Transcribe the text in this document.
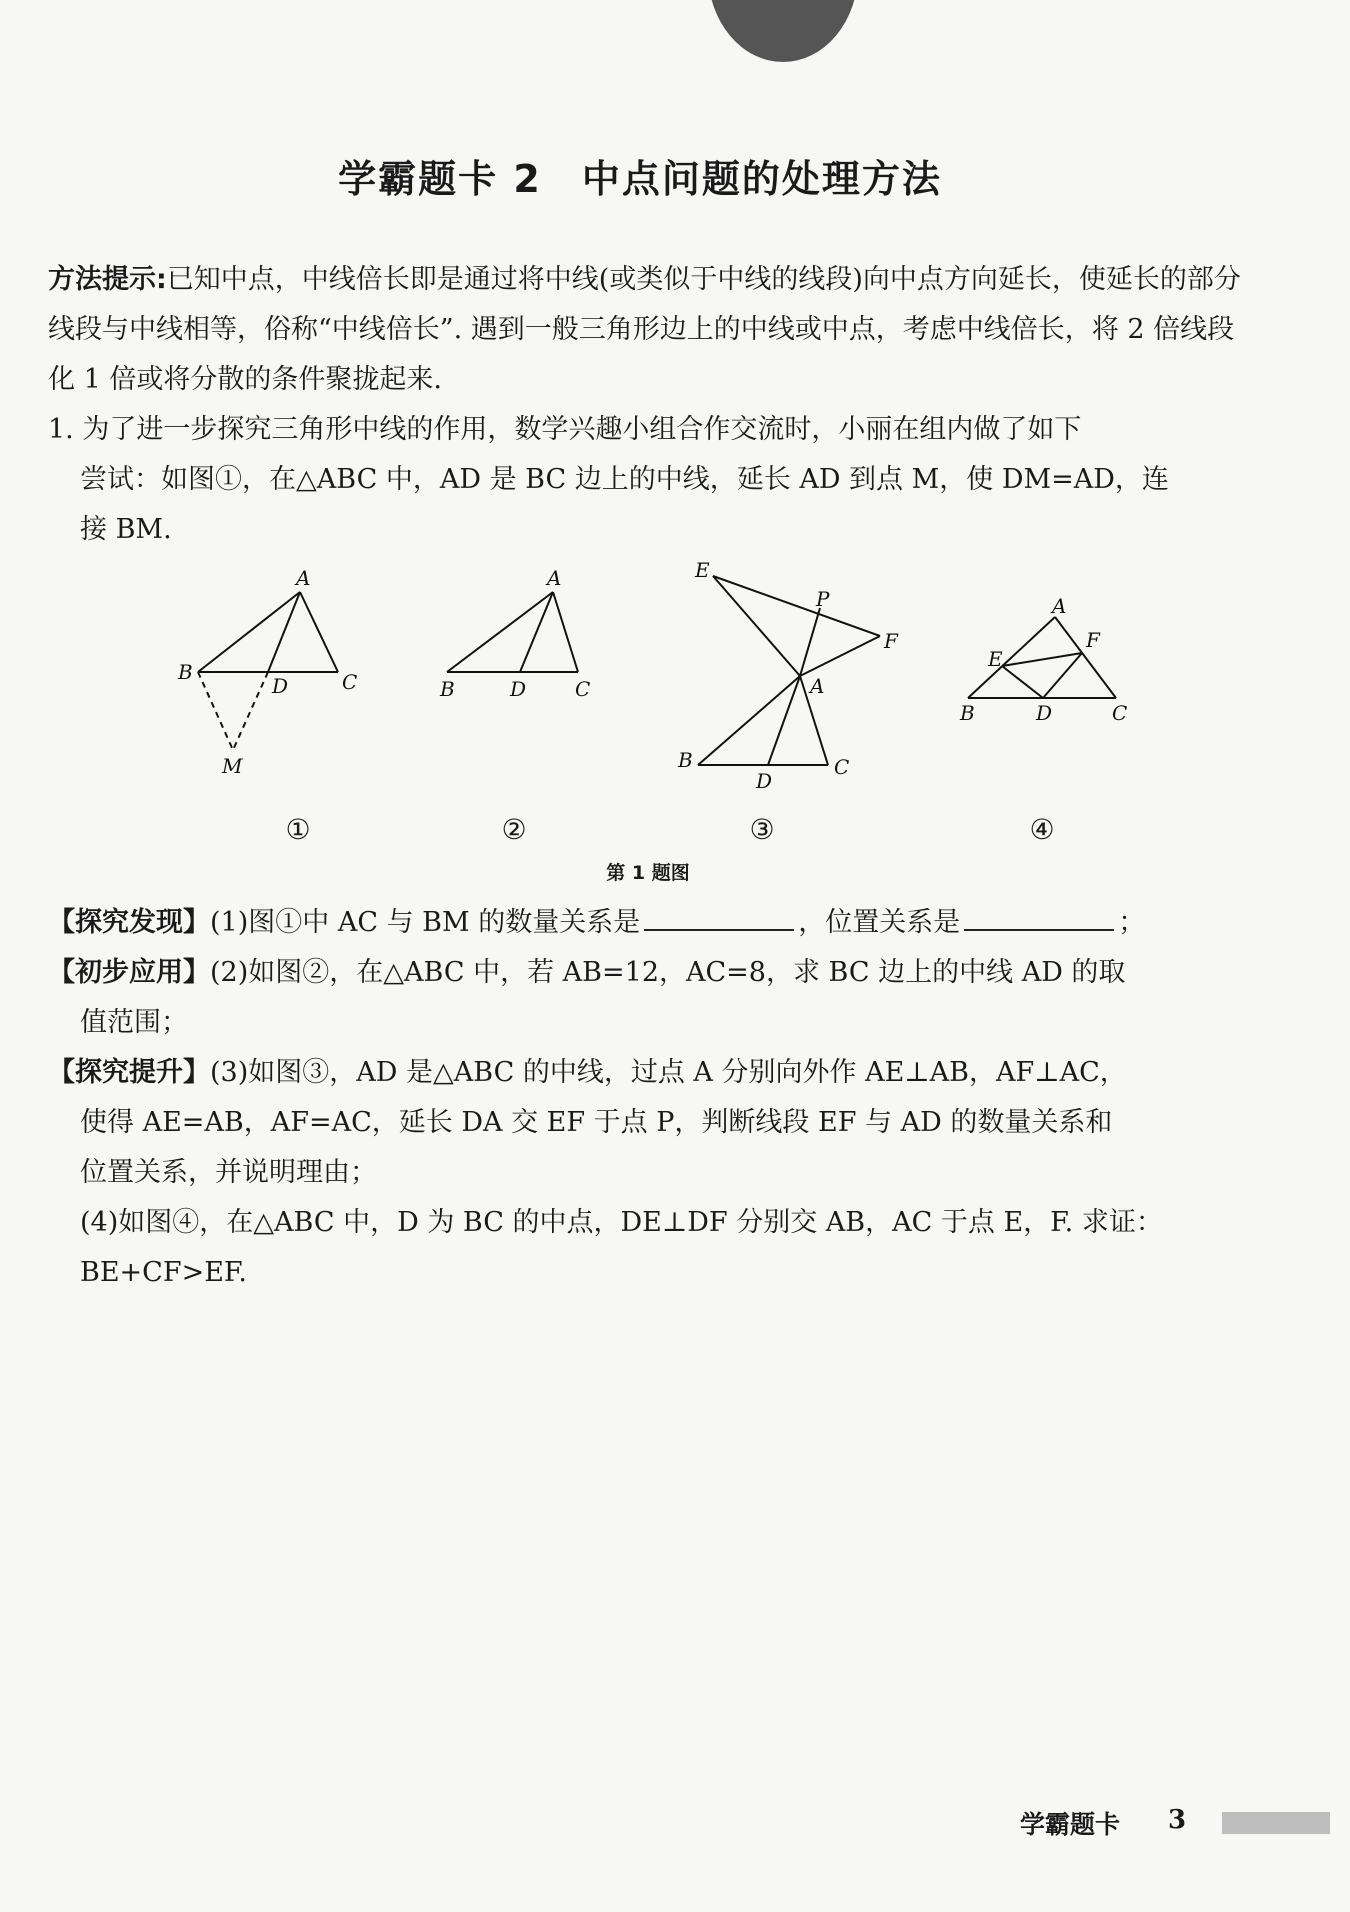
学霸题卡 2　中点问题的处理方法
方法提示:已知中点，中线倍长即是通过将中线(或类似于中线的线段)向中点方向延长，使延长的部分线段与中线相等，俗称“中线倍长”. 遇到一般三角形边上的中线或中点，考虑中线倍长，将 2 倍线段化 1 倍或将分散的条件聚拢起来.
1. 为了进一步探究三角形中线的作用，数学兴趣小组合作交流时，小丽在组内做了如下
尝试：如图①，在△ABC 中，AD 是 BC 边上的中线，延长 AD 到点 M，使 DM=AD，连
接 BM.
A
B	C
D
M
A
B	C
D
E
P
F
A
B
D
C
A
E
F
B	D	C
①	②	③	④
第 1 题图
【探究发现】(1)图①中 AC 与 BM 的数量关系是	，位置关系是	；
【初步应用】(2)如图②，在△ABC 中，若 AB=12，AC=8，求 BC 边上的中线 AD 的取
值范围；
【探究提升】(3)如图③，AD 是△ABC 的中线，过点 A 分别向外作 AE⊥AB，AF⊥AC，
使得 AE=AB，AF=AC，延长 DA 交 EF 于点 P，判断线段 EF 与 AD 的数量关系和
位置关系，并说明理由；
(4)如图④，在△ABC 中，D 为 BC 的中点，DE⊥DF 分别交 AB，AC 于点 E，F. 求证：
BE+CF>EF.
学霸题卡 3
